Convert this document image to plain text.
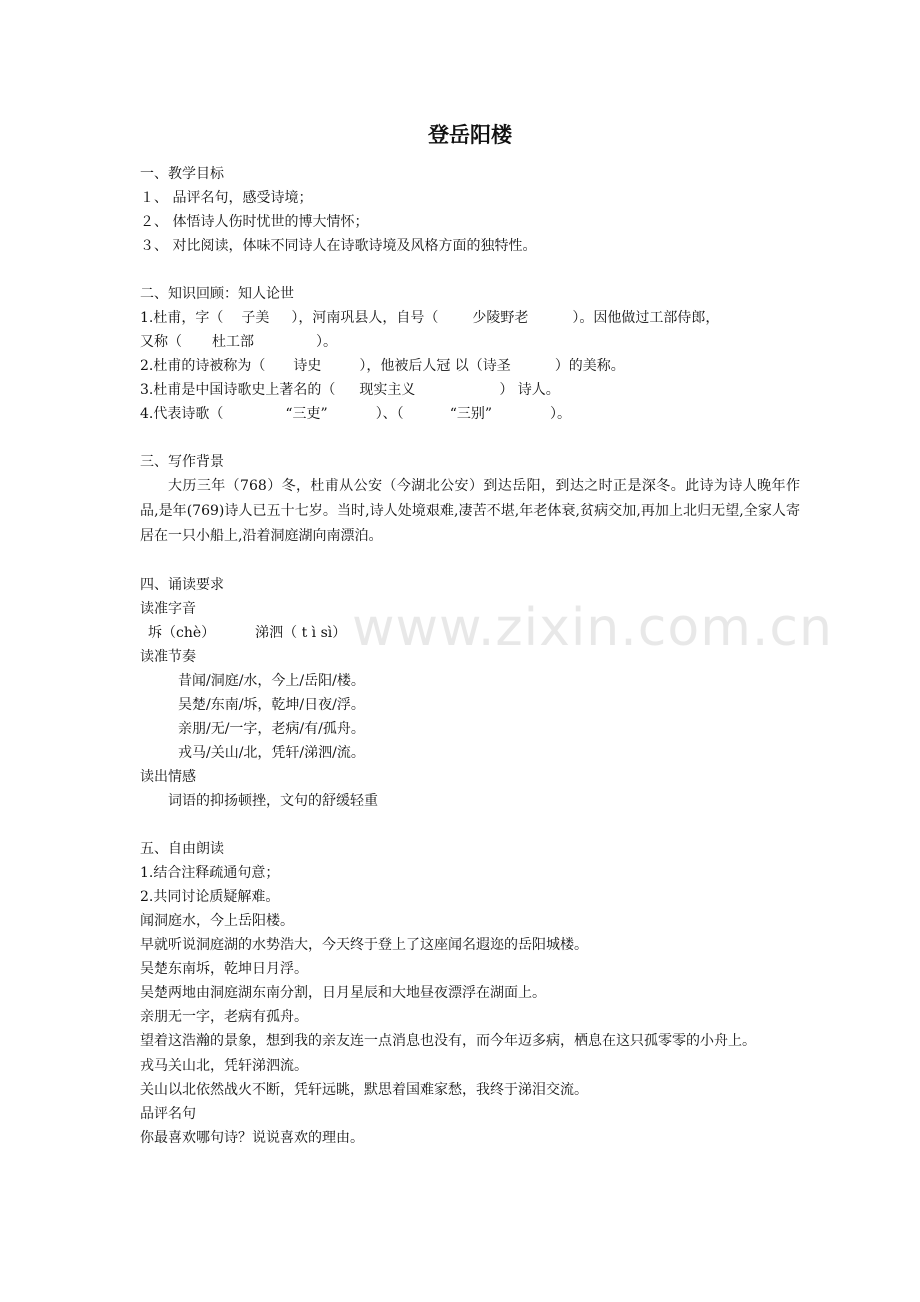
www.zixin.com.cn
登岳阳楼

一、教学目标

１、 品评名句，感受诗境；

２、 体悟诗人伤时忧世的博大情怀；

３、 对比阅读，体味不同诗人在诗歌诗境及风格方面的独特性。

二、知识回顾：知人论世

1.杜甫，字（ 子美 ），河南巩县人，自号（ 少陵野老	）。因他做过工部侍郎，

又称（ 杜工部	）。

2.杜甫的诗被称为（ 诗史	），他被后人冠 以（诗圣	）的美称。

3.杜甫是中国诗歌史上著名的（ 现实主义	） 诗人。

4.代表诗歌（	“三吏”	）、（	“三别”	）。

三、写作背景

大历三年（768）冬，杜甫从公安（今湖北公安）到达岳阳，到达之时正是深冬。此诗为诗人晚年作品,是年(769)诗人已五十七岁。当时,诗人处境艰难,凄苦不堪,年老体衰,贫病交加,再加上北归无望,全家人寄居在一只小船上,沿着洞庭湖向南漂泊。

四、诵读要求

读准字音

坼（chè）	涕泗（ t ì sì）

读准节奏

昔闻/洞庭/水，今上/岳阳/楼。

吴楚/东南/坼，乾坤/日夜/浮。

亲朋/无/一字，老病/有/孤舟。

戎马/关山/北，凭轩/涕泗/流。

读出情感

词语的抑扬顿挫，文句的舒缓轻重

五、自由朗读

1.结合注释疏通句意；

2.共同讨论质疑解难。

闻洞庭水，今上岳阳楼。

早就听说洞庭湖的水势浩大，今天终于登上了这座闻名遐迩的岳阳城楼。

吴楚东南坼，乾坤日月浮。

吴楚两地由洞庭湖东南分割，日月星辰和大地昼夜漂浮在湖面上。

亲朋无一字，老病有孤舟。

望着这浩瀚的景象，想到我的亲友连一点消息也没有，而今年迈多病，栖息在这只孤零零的小舟上。

戎马关山北，凭轩涕泗流。

关山以北依然战火不断，凭轩远眺，默思着国难家愁，我终于涕泪交流。

品评名句

你最喜欢哪句诗？说说喜欢的理由。
